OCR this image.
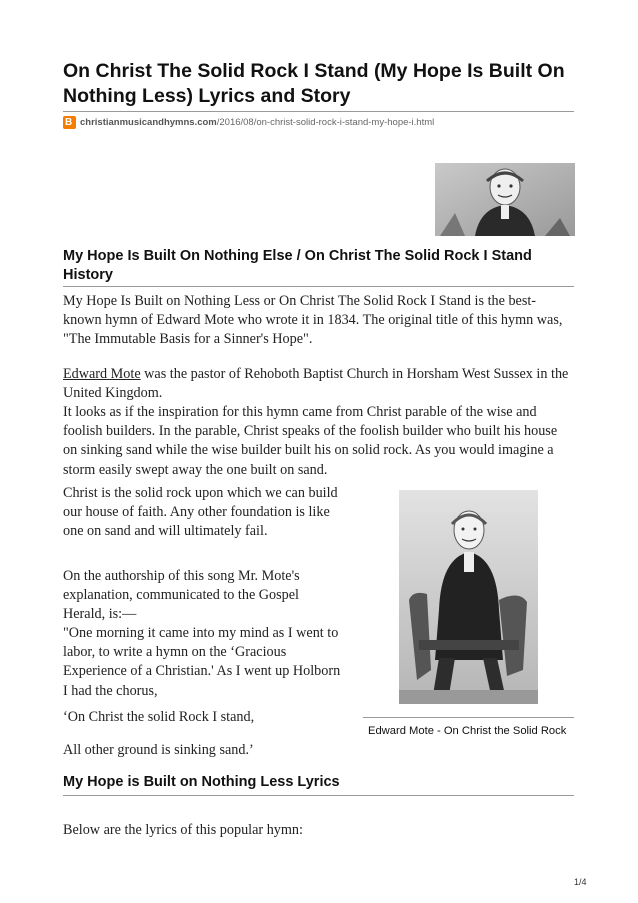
On Christ The Solid Rock I Stand (My Hope Is Built On Nothing Less) Lyrics and Story
B
christianmusicandhymns.com /2016/08/on-christ-solid-rock-i-stand-my-hope-i.html
My Hope Is Built On Nothing Else / On Christ The Solid Rock I Stand History

My Hope Is Built on Nothing Less or On Christ The Solid Rock I Stand is the best-known hymn of Edward Mote who wrote it in 1834. The original title of this hymn was, "The Immutable Basis for a Sinner's Hope".

Edward Mote was the pastor of Rehoboth Baptist Church in Horsham West Sussex in the United Kingdom.

It looks as if the inspiration for this hymn came from Christ parable of the wise and foolish builders. In the parable, Christ speaks of the foolish builder who built his house on sinking sand while the wise builder built his on solid rock. As you would imagine a storm easily swept away the one built on sand.

Christ is the solid rock upon which we can build our house of faith. Any other foundation is like one on sand and will ultimately fail.

On the authorship of this song Mr. Mote's explanation, communicated to the Gospel Herald, is:—

"One morning it came into my mind as I went to labor, to write a hymn on the ‘Gracious Experience of a Christian.' As I went up Holborn I had the chorus,

‘On Christ the solid Rock I stand,

All other ground is sinking sand.’

Edward Mote - On Christ the Solid Rock
My Hope is Built on Nothing Less Lyrics

Below are the lyrics of this popular hymn:

1/4
